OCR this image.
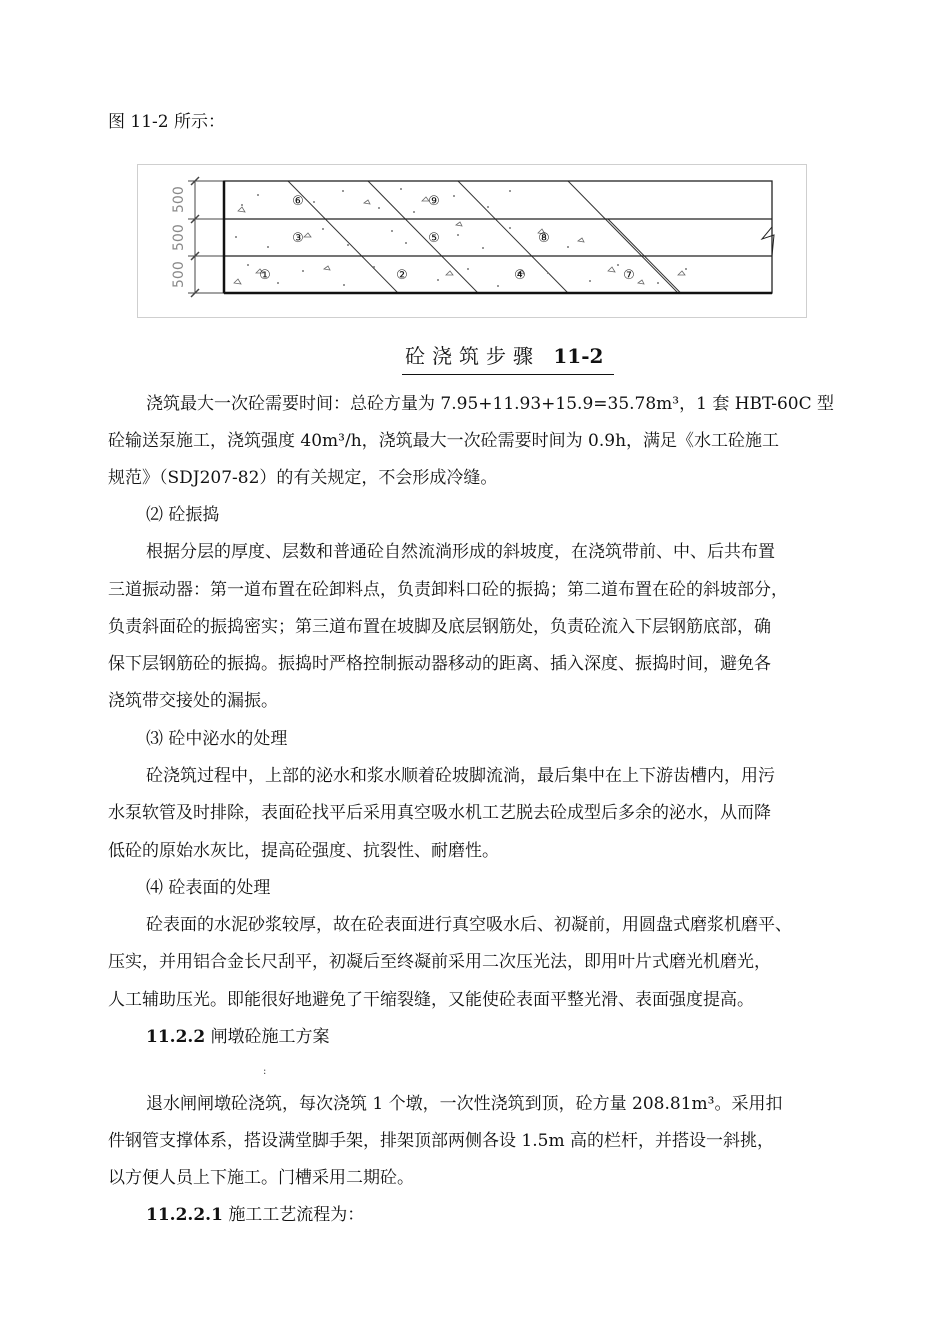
图 11-2 所示：
500
500
500
⑥	⑨
③	⑤	⑧
①	②	④	⑦
砼浇筑步骤 11-2
浇筑最大一次砼需要时间：总砼方量为 7.95+11.93+15.9=35.78m³，1 套 HBT-60C 型
砼输送泵施工，浇筑强度 40m³/h，浇筑最大一次砼需要时间为 0.9h，满足《水工砼施工
规范》（SDJ207-82）的有关规定，不会形成冷缝。
⑵ 砼振捣
根据分层的厚度、层数和普通砼自然流淌形成的斜坡度，在浇筑带前、中、后共布置
三道振动器：第一道布置在砼卸料点，负责卸料口砼的振捣；第二道布置在砼的斜坡部分，
负责斜面砼的振捣密实；第三道布置在坡脚及底层钢筋处，负责砼流入下层钢筋底部，确
保下层钢筋砼的振捣。振捣时严格控制振动器移动的距离、插入深度、振捣时间，避免各
浇筑带交接处的漏振。
⑶ 砼中泌水的处理
砼浇筑过程中，上部的泌水和浆水顺着砼坡脚流淌，最后集中在上下游齿槽内，用污
水泵软管及时排除，表面砼找平后采用真空吸水机工艺脱去砼成型后多余的泌水，从而降
低砼的原始水灰比，提高砼强度、抗裂性、耐磨性。
⑷ 砼表面的处理
砼表面的水泥砂浆较厚，故在砼表面进行真空吸水后、初凝前，用圆盘式磨浆机磨平、
压实，并用铝合金长尺刮平，初凝后至终凝前采用二次压光法，即用叶片式磨光机磨光，
人工辅助压光。即能很好地避免了干缩裂缝，又能使砼表面平整光滑、表面强度提高。
11.2.2 闸墩砼施工方案
:
退水闸闸墩砼浇筑，每次浇筑 1 个墩，一次性浇筑到顶，砼方量 208.81m³。采用扣
件钢管支撑体系，搭设满堂脚手架，排架顶部两侧各设 1.5m 高的栏杆，并搭设一斜挑，
以方便人员上下施工。门槽采用二期砼。
11.2.2.1 施工工艺流程为：
